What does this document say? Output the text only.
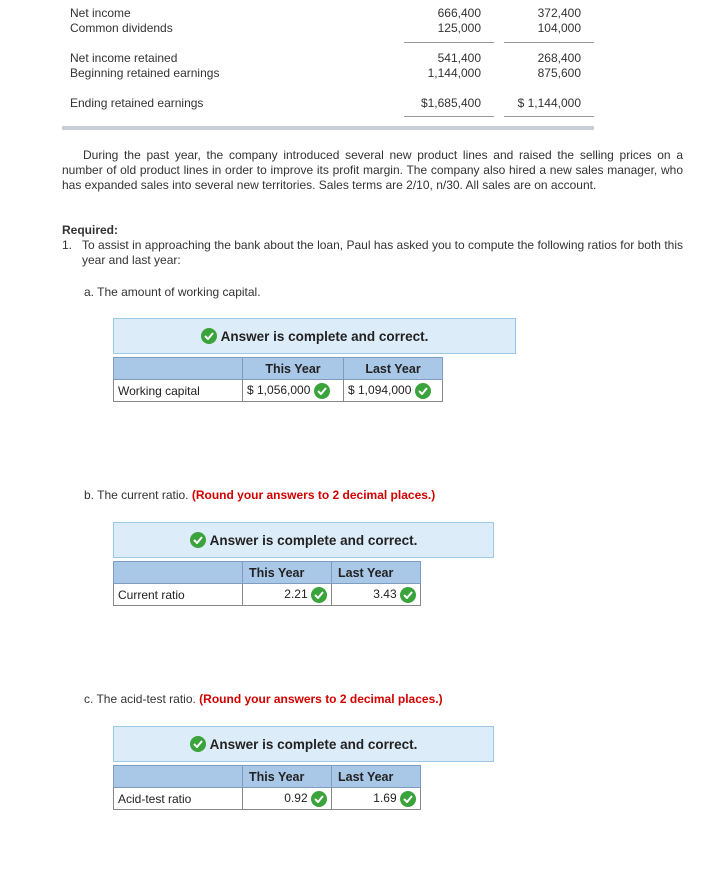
Net income	666,400	372,400
Common dividends	125,000	104,000
Net income retained	541,400	268,400
Beginning retained earnings	1,144,000	875,600
Ending retained earnings	$1,685,400	$ 1,144,000
During the past year, the company introduced several new product lines and raised the selling prices on a number of old product lines in order to improve its profit margin. The company also hired a new sales manager, who has expanded sales into several new territories. Sales terms are 2/10, n/30. All sales are on account.
Required:
1. To assist in approaching the bank about the loan, Paul has asked you to compute the following ratios for both this year and last year:
a. The amount of working capital.
Answer is complete and correct.
	This Year	Last Year
Working capital	$ 1,056,000	$ 1,094,000
b. The current ratio. (Round your answers to 2 decimal places.)
Answer is complete and correct.
	This Year	Last Year
Current ratio	2.21	3.43
c. The acid-test ratio. (Round your answers to 2 decimal places.)
Answer is complete and correct.
	This Year	Last Year
Acid-test ratio	0.92	1.69
